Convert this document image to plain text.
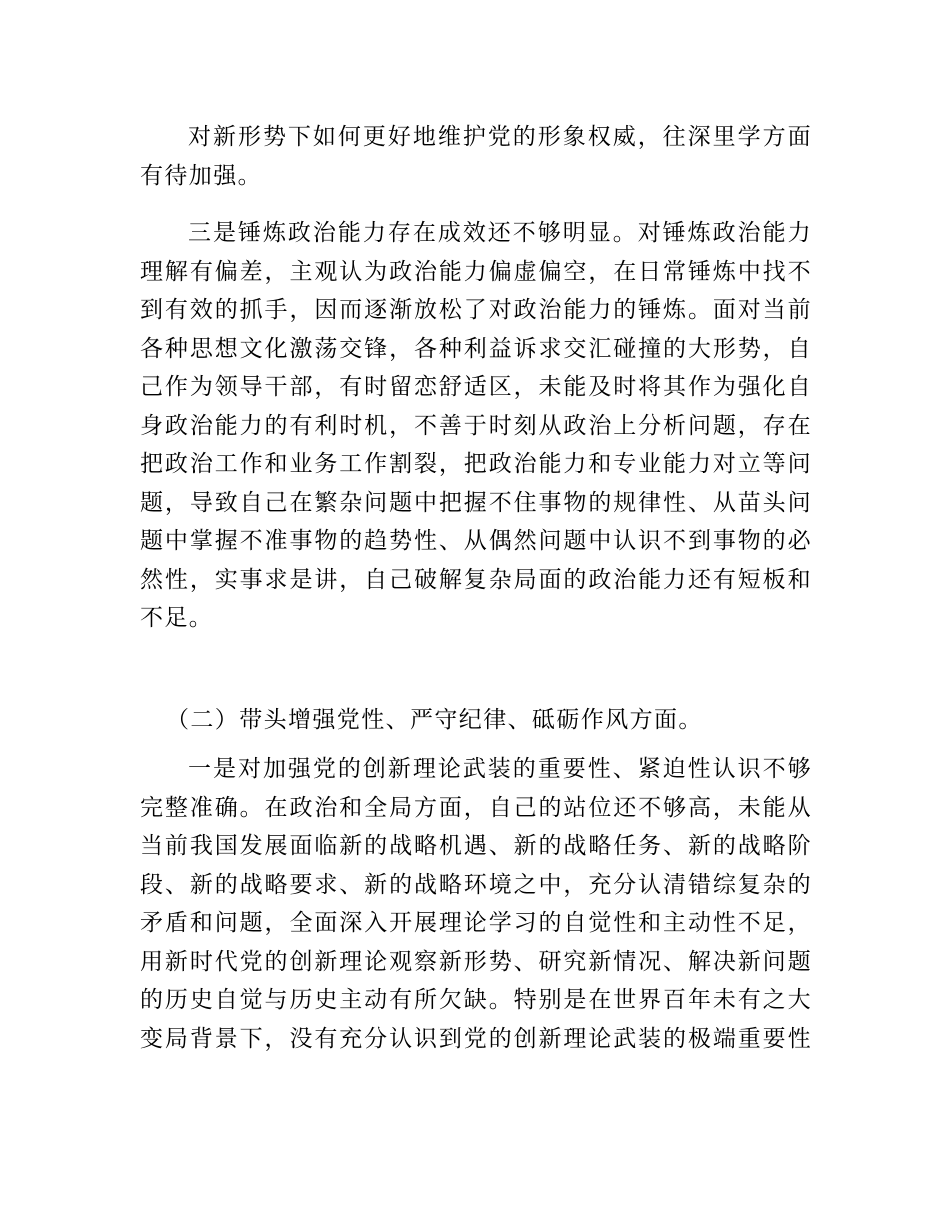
对新形势下如何更好地维护党的形象权威，往深里学方面
有待加强。
三是锤炼政治能力存在成效还不够明显。对锤炼政治能力
理解有偏差，主观认为政治能力偏虚偏空，在日常锤炼中找不
到有效的抓手，因而逐渐放松了对政治能力的锤炼。面对当前
各种思想文化激荡交锋，各种利益诉求交汇碰撞的大形势，自
己作为领导干部，有时留恋舒适区，未能及时将其作为强化自
身政治能力的有利时机，不善于时刻从政治上分析问题，存在
把政治工作和业务工作割裂，把政治能力和专业能力对立等问
题，导致自己在繁杂问题中把握不住事物的规律性、从苗头问
题中掌握不准事物的趋势性、从偶然问题中认识不到事物的必
然性，实事求是讲，自己破解复杂局面的政治能力还有短板和
不足。
（二）带头增强党性、严守纪律、砥砺作风方面。
一是对加强党的创新理论武装的重要性、紧迫性认识不够
完整准确。在政治和全局方面，自己的站位还不够高，未能从
当前我国发展面临新的战略机遇、新的战略任务、新的战略阶
段、新的战略要求、新的战略环境之中，充分认清错综复杂的
矛盾和问题，全面深入开展理论学习的自觉性和主动性不足，
用新时代党的创新理论观察新形势、研究新情况、解决新问题
的历史自觉与历史主动有所欠缺。特别是在世界百年未有之大
变局背景下，没有充分认识到党的创新理论武装的极端重要性
